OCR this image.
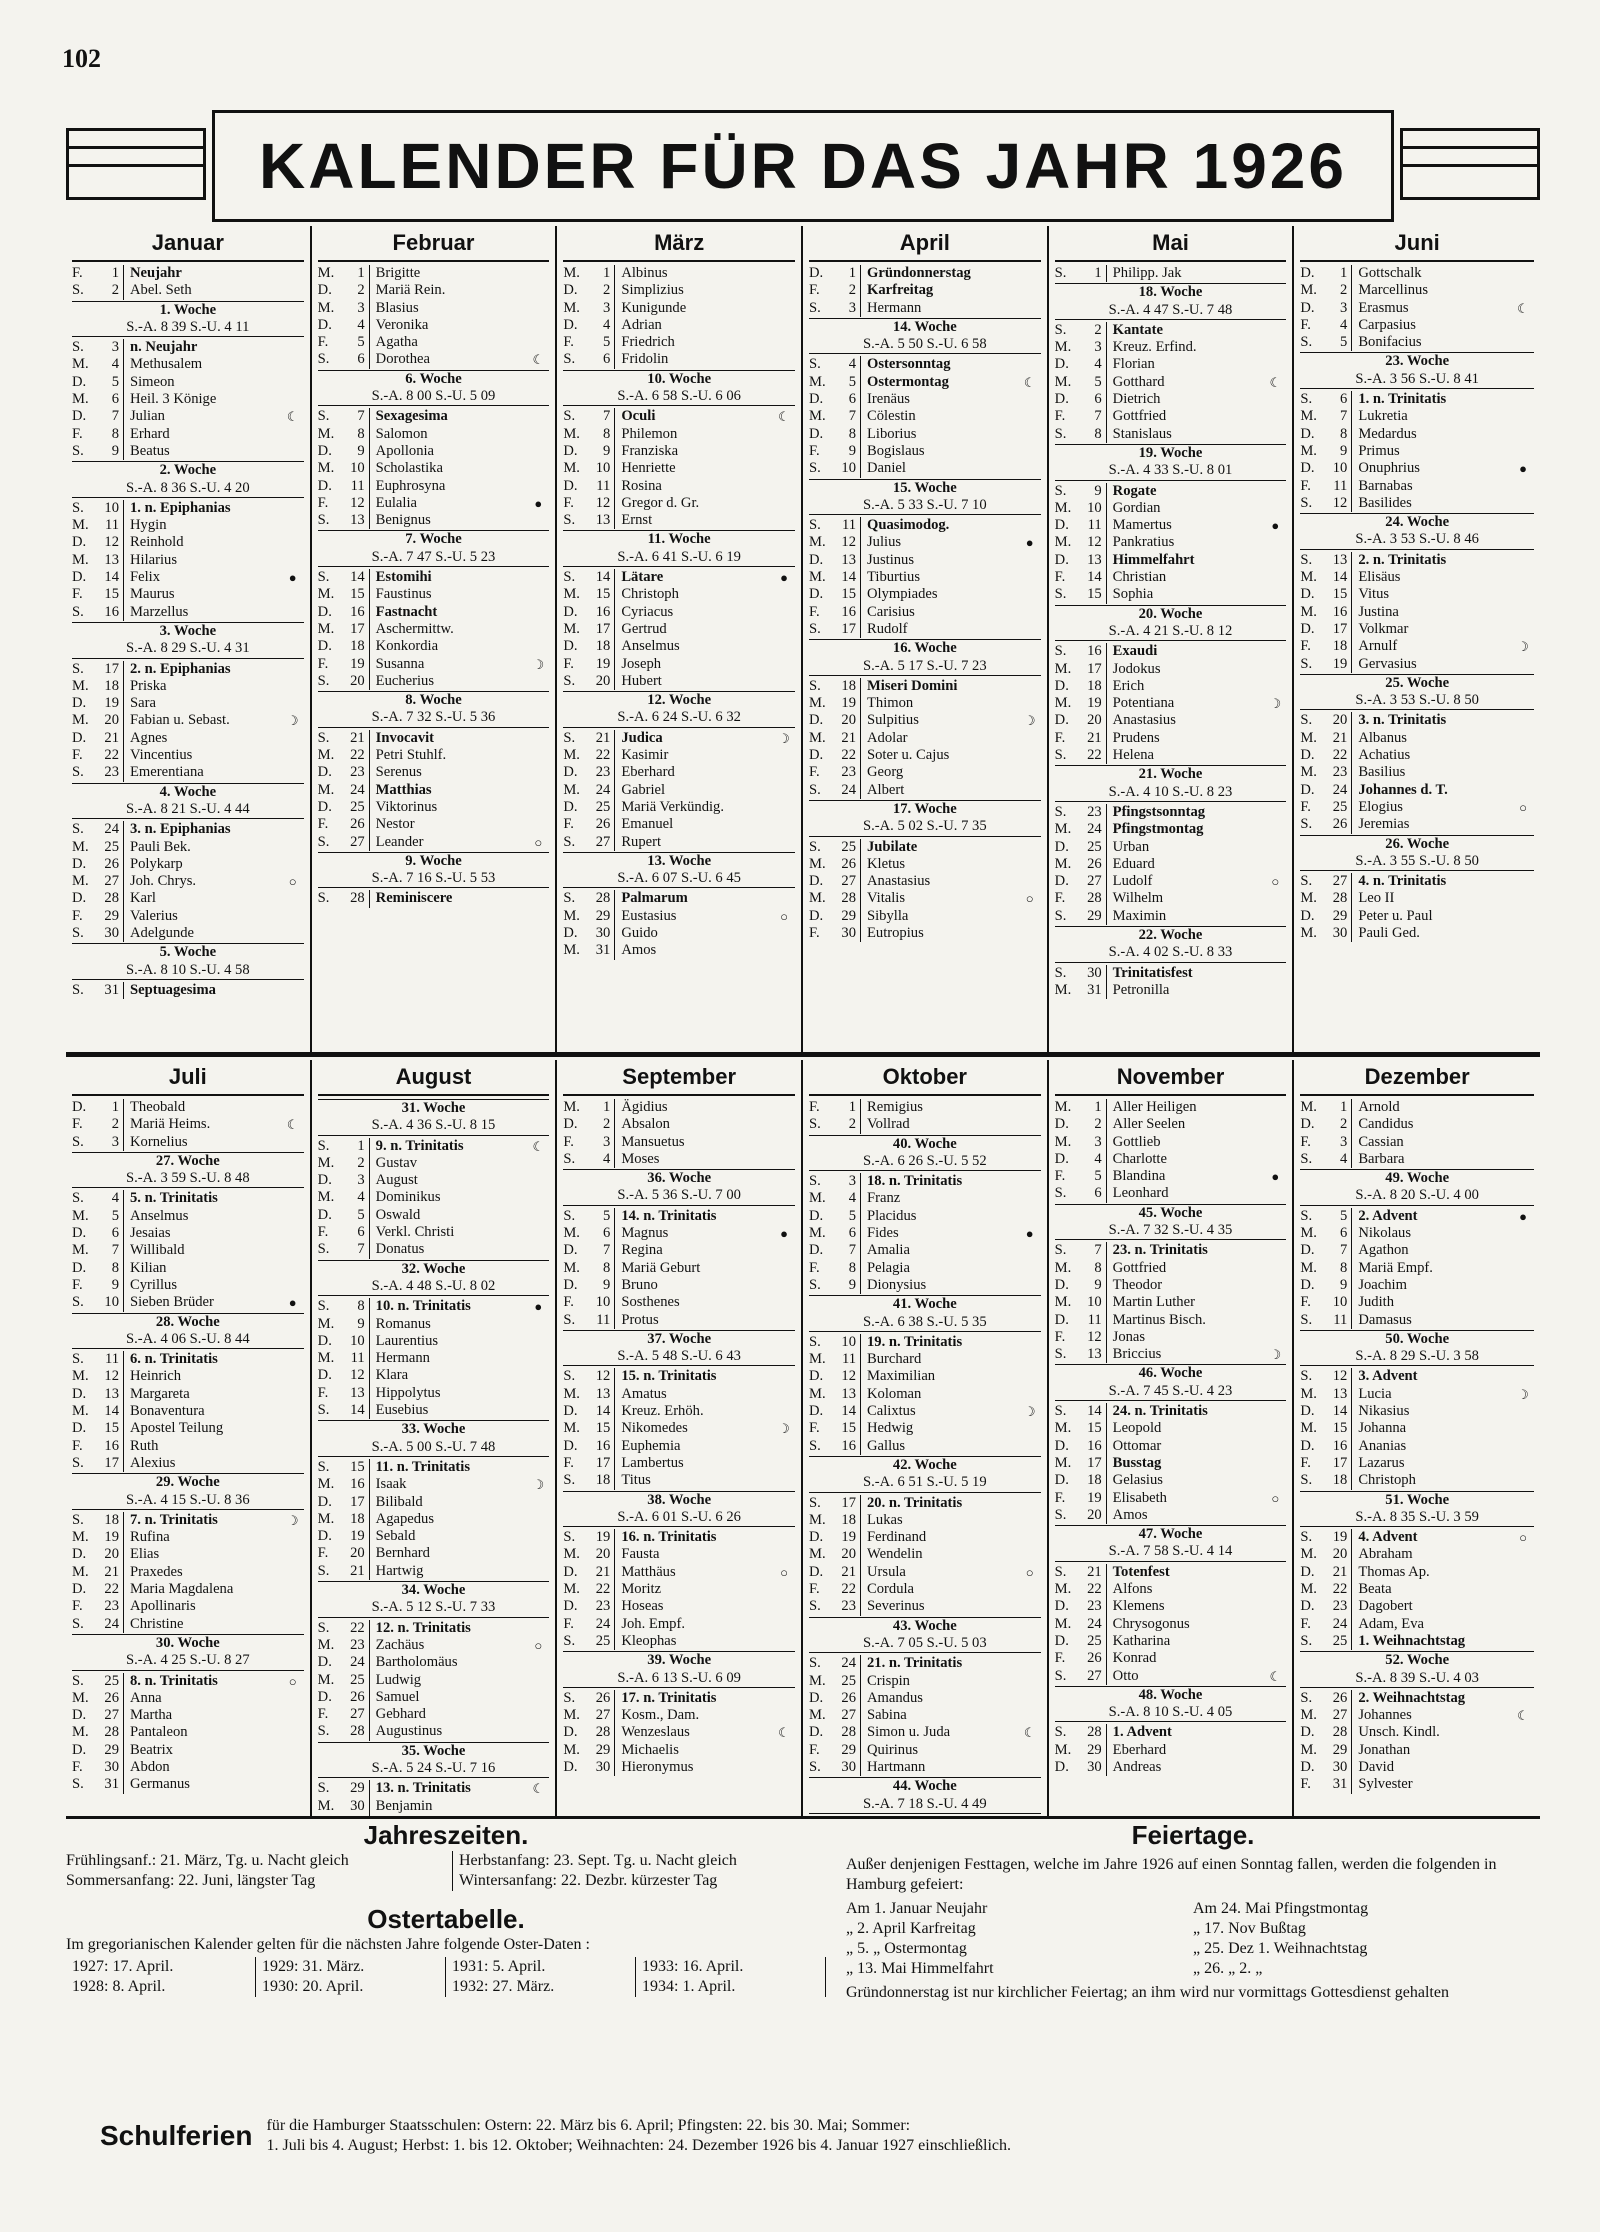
102
KALENDER FÜR DAS JAHR 1926
Januar
F.	1 Neujahr
S.	2 Abel. Seth
1. Woche
S.-A. 8 39 S.-U. 4 11
S.	3 n. Neujahr
M.	4 Methusalem
D.	5 Simeon
M.	6 Heil. 3 Könige
D.	7 Julian	☾
F.	8 Erhard
S.	9 Beatus
2. Woche
S.-A. 8 36 S.-U. 4 20
S.	10 1. n. Epiphanias
M.	11 Hygin
D.	12 Reinhold
M.	13 Hilarius
D.	14 Felix	●
F.	15 Maurus
S.	16 Marzellus
3. Woche
S.-A. 8 29 S.-U. 4 31
S.	17 2. n. Epiphanias
M.	18 Priska
D.	19 Sara
M.	20 Fabian u. Sebast.	☽
D.	21 Agnes
F.	22 Vincentius
S.	23 Emerentiana
4. Woche
S.-A. 8 21 S.-U. 4 44
S.	24 3. n. Epiphanias
M.	25 Pauli Bek.
D.	26 Polykarp
M.	27 Joh. Chrys.	○
D.	28 Karl
F.	29 Valerius
S.	30 Adelgunde
5. Woche
S.-A. 8 10 S.-U. 4 58
S.	31 Septuagesima
Februar
M.	1 Brigitte
D.	2 Mariä Rein.
M.	3 Blasius
D.	4 Veronika
F.	5 Agatha
S.	6 Dorothea	☾
6. Woche
S.-A. 8 00 S.-U. 5 09
S.	7 Sexagesima
M.	8 Salomon
D.	9 Apollonia
M.	10 Scholastika
D.	11 Euphrosyna
F.	12 Eulalia	●
S.	13 Benignus
7. Woche
S.-A. 7 47 S.-U. 5 23
S.	14 Estomihi
M.	15 Faustinus
D.	16 Fastnacht
M.	17 Aschermittw.
D.	18 Konkordia
F.	19 Susanna	☽
S.	20 Eucherius
8. Woche
S.-A. 7 32 S.-U. 5 36
S.	21 Invocavit
M.	22 Petri Stuhlf.
D.	23 Serenus
M.	24 Matthias
D.	25 Viktorinus
F.	26 Nestor
S.	27 Leander	○
9. Woche
S.-A. 7 16 S.-U. 5 53
S.	28 Reminiscere
März
M.	1 Albinus
D.	2 Simplizius
M.	3 Kunigunde
D.	4 Adrian
F.	5 Friedrich
S.	6 Fridolin
10. Woche
S.-A. 6 58 S.-U. 6 06
S.	7 Oculi	☾
M.	8 Philemon
D.	9 Franziska
M.	10 Henriette
D.	11 Rosina
F.	12 Gregor d. Gr.
S.	13 Ernst
11. Woche
S.-A. 6 41 S.-U. 6 19
S.	14 Lätare	●
M.	15 Christoph
D.	16 Cyriacus
M.	17 Gertrud
D.	18 Anselmus
F.	19 Joseph
S.	20 Hubert
12. Woche
S.-A. 6 24 S.-U. 6 32
S.	21 Judica	☽
M.	22 Kasimir
D.	23 Eberhard
M.	24 Gabriel
D.	25 Mariä Verkündig.
F.	26 Emanuel
S.	27 Rupert
13. Woche
S.-A. 6 07 S.-U. 6 45
S.	28 Palmarum
M.	29 Eustasius	○
D.	30 Guido
M.	31 Amos
April
D.	1 Gründonnerstag
F.	2 Karfreitag
S.	3 Hermann
14. Woche
S.-A. 5 50 S.-U. 6 58
S.	4 Ostersonntag
M.	5 Ostermontag	☾
D.	6 Irenäus
M.	7 Cölestin
D.	8 Liborius
F.	9 Bogislaus
S.	10 Daniel
15. Woche
S.-A. 5 33 S.-U. 7 10
S.	11 Quasimodog.
M.	12 Julius	●
D.	13 Justinus
M.	14 Tiburtius
D.	15 Olympiades
F.	16 Carisius
S.	17 Rudolf
16. Woche
S.-A. 5 17 S.-U. 7 23
S.	18 Miseri Domini
M.	19 Thimon
D.	20 Sulpitius	☽
M.	21 Adolar
D.	22 Soter u. Cajus
F.	23 Georg
S.	24 Albert
17. Woche
S.-A. 5 02 S.-U. 7 35
S.	25 Jubilate
M.	26 Kletus
D.	27 Anastasius
M.	28 Vitalis	○
D.	29 Sibylla
F.	30 Eutropius
Mai
S.	1 Philipp. Jak
18. Woche
S.-A. 4 47 S.-U. 7 48
S.	2 Kantate
M.	3 Kreuz. Erfind.
D.	4 Florian
M.	5 Gotthard	☾
D.	6 Dietrich
F.	7 Gottfried
S.	8 Stanislaus
19. Woche
S.-A. 4 33 S.-U. 8 01
S.	9 Rogate
M.	10 Gordian
D.	11 Mamertus	●
M.	12 Pankratius
D.	13 Himmelfahrt
F.	14 Christian
S.	15 Sophia
20. Woche
S.-A. 4 21 S.-U. 8 12
S.	16 Exaudi
M.	17 Jodokus
D.	18 Erich
M.	19 Potentiana	☽
D.	20 Anastasius
F.	21 Prudens
S.	22 Helena
21. Woche
S.-A. 4 10 S.-U. 8 23
S.	23 Pfingstsonntag
M.	24 Pfingstmontag
D.	25 Urban
M.	26 Eduard
D.	27 Ludolf	○
F.	28 Wilhelm
S.	29 Maximin
22. Woche
S.-A. 4 02 S.-U. 8 33
S.	30 Trinitatisfest
M.	31 Petronilla
Juni
D.	1 Gottschalk
M.	2 Marcellinus
D.	3 Erasmus	☾
F.	4 Carpasius
S.	5 Bonifacius
23. Woche
S.-A. 3 56 S.-U. 8 41
S.	6 1. n. Trinitatis
M.	7 Lukretia
D.	8 Medardus
M.	9 Primus
D.	10 Onuphrius	●
F.	11 Barnabas
S.	12 Basilides
24. Woche
S.-A. 3 53 S.-U. 8 46
S.	13 2. n. Trinitatis
M.	14 Elisäus
D.	15 Vitus
M.	16 Justina
D.	17 Volkmar
F.	18 Arnulf	☽
S.	19 Gervasius
25. Woche
S.-A. 3 53 S.-U. 8 50
S.	20 3. n. Trinitatis
M.	21 Albanus
D.	22 Achatius
M.	23 Basilius
D.	24 Johannes d. T.
F.	25 Elogius	○
S.	26 Jeremias
26. Woche
S.-A. 3 55 S.-U. 8 50
S.	27 4. n. Trinitatis
M.	28 Leo II
D.	29 Peter u. Paul
M.	30 Pauli Ged.
Juli
D.	1 Theobald
F.	2 Mariä Heims.	☾
S.	3 Kornelius
27. Woche
S.-A. 3 59 S.-U. 8 48
S.	4 5. n. Trinitatis
M.	5 Anselmus
D.	6 Jesaias
M.	7 Willibald
D.	8 Kilian
F.	9 Cyrillus
S.	10 Sieben Brüder	●
28. Woche
S.-A. 4 06 S.-U. 8 44
S.	11 6. n. Trinitatis
M.	12 Heinrich
D.	13 Margareta
M.	14 Bonaventura
D.	15 Apostel Teilung
F.	16 Ruth
S.	17 Alexius
29. Woche
S.-A. 4 15 S.-U. 8 36
S.	18 7. n. Trinitatis	☽
M.	19 Rufina
D.	20 Elias
M.	21 Praxedes
D.	22 Maria Magdalena
F.	23 Apollinaris
S.	24 Christine
30. Woche
S.-A. 4 25 S.-U. 8 27
S.	25 8. n. Trinitatis	○
M.	26 Anna
D.	27 Martha
M.	28 Pantaleon
D.	29 Beatrix
F.	30 Abdon
S.	31 Germanus
August
31. Woche
S.-A. 4 36 S.-U. 8 15
S.	1 9. n. Trinitatis	☾
M.	2 Gustav
D.	3 August
M.	4 Dominikus
D.	5 Oswald
F.	6 Verkl. Christi
S.	7 Donatus
32. Woche
S.-A. 4 48 S.-U. 8 02
S.	8 10. n. Trinitatis	●
M.	9 Romanus
D.	10 Laurentius
M.	11 Hermann
D.	12 Klara
F.	13 Hippolytus
S.	14 Eusebius
33. Woche
S.-A. 5 00 S.-U. 7 48
S.	15 11. n. Trinitatis
M.	16 Isaak	☽
D.	17 Bilibald
M.	18 Agapedus
D.	19 Sebald
F.	20 Bernhard
S.	21 Hartwig
34. Woche
S.-A. 5 12 S.-U. 7 33
S.	22 12. n. Trinitatis
M.	23 Zachäus	○
D.	24 Bartholomäus
M.	25 Ludwig
D.	26 Samuel
F.	27 Gebhard
S.	28 Augustinus
35. Woche
S.-A. 5 24 S.-U. 7 16
S.	29 13. n. Trinitatis	☾
M.	30 Benjamin
September
M.	1 Ägidius
D.	2 Absalon
F.	3 Mansuetus
S.	4 Moses
36. Woche
S.-A. 5 36 S.-U. 7 00
S.	5 14. n. Trinitatis
M.	6 Magnus	●
D.	7 Regina
M.	8 Mariä Geburt
D.	9 Bruno
F.	10 Sosthenes
S.	11 Protus
37. Woche
S.-A. 5 48 S.-U. 6 43
S.	12 15. n. Trinitatis
M.	13 Amatus
D.	14 Kreuz. Erhöh.
M.	15 Nikomedes	☽
D.	16 Euphemia
F.	17 Lambertus
S.	18 Titus
38. Woche
S.-A. 6 01 S.-U. 6 26
S.	19 16. n. Trinitatis
M.	20 Fausta
D.	21 Matthäus	○
M.	22 Moritz
D.	23 Hoseas
F.	24 Joh. Empf.
S.	25 Kleophas
39. Woche
S.-A. 6 13 S.-U. 6 09
S.	26 17. n. Trinitatis
M.	27 Kosm., Dam.
D.	28 Wenzeslaus	☾
M.	29 Michaelis
D.	30 Hieronymus
Oktober
F.	1 Remigius
S.	2 Vollrad
40. Woche
S.-A. 6 26 S.-U. 5 52
S.	3 18. n. Trinitatis
M.	4 Franz
D.	5 Placidus
M.	6 Fides	●
D.	7 Amalia
F.	8 Pelagia
S.	9 Dionysius
41. Woche
S.-A. 6 38 S.-U. 5 35
S.	10 19. n. Trinitatis
M.	11 Burchard
D.	12 Maximilian
M.	13 Koloman
D.	14 Calixtus	☽
F.	15 Hedwig
S.	16 Gallus
42. Woche
S.-A. 6 51 S.-U. 5 19
S.	17 20. n. Trinitatis
M.	18 Lukas
D.	19 Ferdinand
M.	20 Wendelin
D.	21 Ursula	○
F.	22 Cordula
S.	23 Severinus
43. Woche
S.-A. 7 05 S.-U. 5 03
S.	24 21. n. Trinitatis
M.	25 Crispin
D.	26 Amandus
M.	27 Sabina
D.	28 Simon u. Juda	☾
F.	29 Quirinus
S.	30 Hartmann
44. Woche
S.-A. 7 18 S.-U. 4 49
November
M.	1 Aller Heiligen
D.	2 Aller Seelen
M.	3 Gottlieb
D.	4 Charlotte
F.	5 Blandina	●
S.	6 Leonhard
45. Woche
S.-A. 7 32 S.-U. 4 35
S.	7 23. n. Trinitatis
M.	8 Gottfried
D.	9 Theodor
M.	10 Martin Luther
D.	11 Martinus Bisch.
F.	12 Jonas
S.	13 Briccius	☽
46. Woche
S.-A. 7 45 S.-U. 4 23
S.	14 24. n. Trinitatis
M.	15 Leopold
D.	16 Ottomar
M.	17 Busstag
D.	18 Gelasius
F.	19 Elisabeth	○
S.	20 Amos
47. Woche
S.-A. 7 58 S.-U. 4 14
S.	21 Totenfest
M.	22 Alfons
D.	23 Klemens
M.	24 Chrysogonus
D.	25 Katharina
F.	26 Konrad
S.	27 Otto	☾
48. Woche
S.-A. 8 10 S.-U. 4 05
S.	28 1. Advent
M.	29 Eberhard
D.	30 Andreas
Dezember
M.	1 Arnold
D.	2 Candidus
F.	3 Cassian
S.	4 Barbara
49. Woche
S.-A. 8 20 S.-U. 4 00
S.	5 2. Advent	●
M.	6 Nikolaus
D.	7 Agathon
M.	8 Mariä Empf.
D.	9 Joachim
F.	10 Judith
S.	11 Damasus
50. Woche
S.-A. 8 29 S.-U. 3 58
S.	12 3. Advent
M.	13 Lucia	☽
D.	14 Nikasius
M.	15 Johanna
D.	16 Ananias
F.	17 Lazarus
S.	18 Christoph
51. Woche
S.-A. 8 35 S.-U. 3 59
S.	19 4. Advent	○
M.	20 Abraham
D.	21 Thomas Ap.
M.	22 Beata
D.	23 Dagobert
F.	24 Adam, Eva
S.	25 1. Weihnachtstag
52. Woche
S.-A. 8 39 S.-U. 4 03
S.	26 2. Weihnachtstag
M.	27 Johannes	☾
D.	28 Unsch. Kindl.
M.	29 Jonathan
D.	30 David
F.	31 Sylvester
Jahreszeiten.
Frühlingsanf.: 21. März, Tg. u. Nacht gleich	Herbstanfang: 23. Sept. Tg. u. Nacht gleich
Sommersanfang: 22. Juni, längster Tag	Wintersanfang: 22. Dezbr. kürzester Tag
Ostertabelle.
Im gregorianischen Kalender gelten für die nächsten Jahre folgende Oster-Daten :
1927: 17. April.	1929: 31. März.	1931: 5. April.	1933: 16. April.
1928: 8. April.	1930: 20. April.	1932: 27. März.	1934: 1. April.
Feiertage.
Außer denjenigen Festtagen, welche im Jahre 1926 auf einen Sonntag fallen, werden die folgenden in Hamburg gefeiert:
Am 1. Januar Neujahr
„ 2. April Karfreitag
„ 5. „ Ostermontag
„ 13. Mai Himmelfahrt
Am 24. Mai Pfingstmontag
„ 17. Nov Bußtag
„ 25. Dez 1. Weihnachtstag
„ 26. „ 2. „
Gründonnerstag ist nur kirchlicher Feiertag; an ihm wird nur vormittags Gottesdienst gehalten
Schulferien für die Hamburger Staatsschulen: Ostern: 22. März bis 6. April; Pfingsten: 22. bis 30. Mai; Sommer:
1. Juli bis 4. August; Herbst: 1. bis 12. Oktober; Weihnachten: 24. Dezember 1926 bis 4. Januar 1927 einschließlich.
